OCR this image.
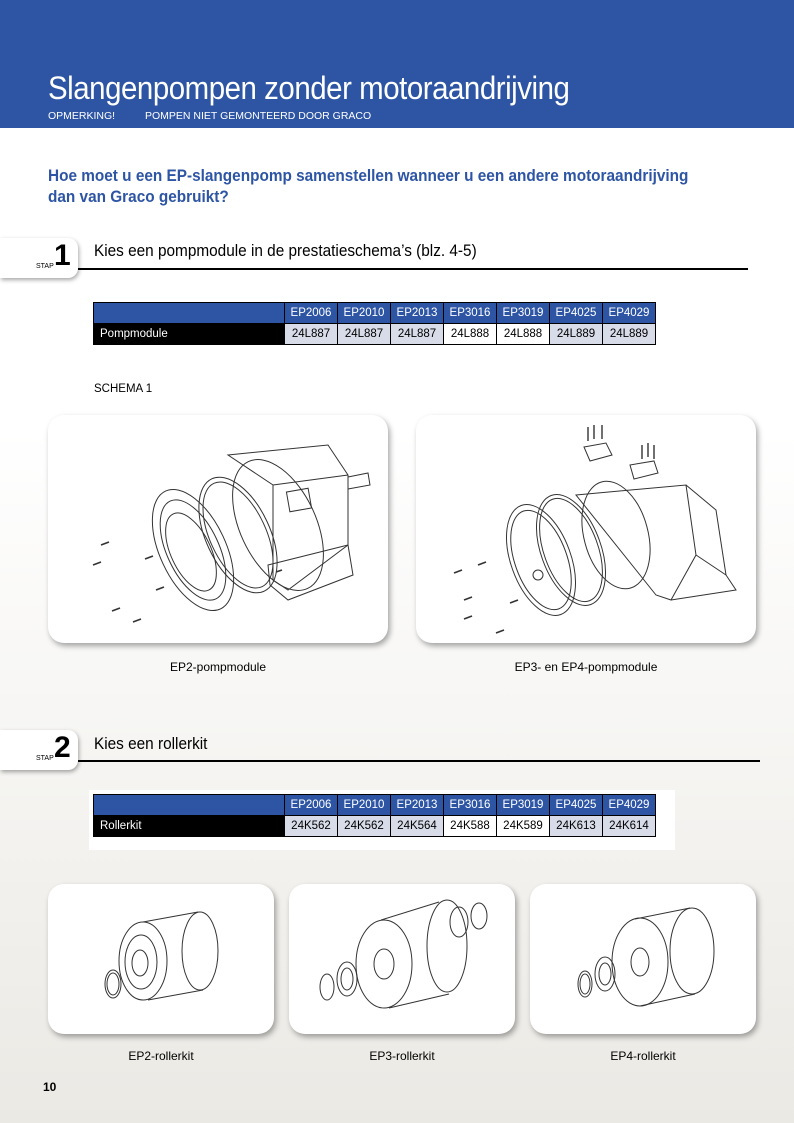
Slangenpompen zonder motoraandrijving
OPMERKING!	POMPEN NIET GEMONTEERD DOOR GRACO
Hoe moet u een EP-slangenpomp samenstellen wanneer u een andere motoraandrijving dan van Graco gebruikt?
STAP 1 Kies een pompmodule in de prestatieschema’s (blz. 4-5)
	EP2006	EP2010	EP2013	EP3016	EP3019	EP4025	EP4029
Pompmodule	24L887	24L887	24L887	24L888	24L888	24L889	24L889
SCHEMA 1
EP2-pompmodule	EP3- en EP4-pompmodule
STAP 2 Kies een rollerkit
	EP2006	EP2010	EP2013	EP3016	EP3019	EP4025	EP4029
Rollerkit	24K562	24K562	24K564	24K588	24K589	24K613	24K614
EP2-rollerkit	EP3-rollerkit	EP4-rollerkit
10
